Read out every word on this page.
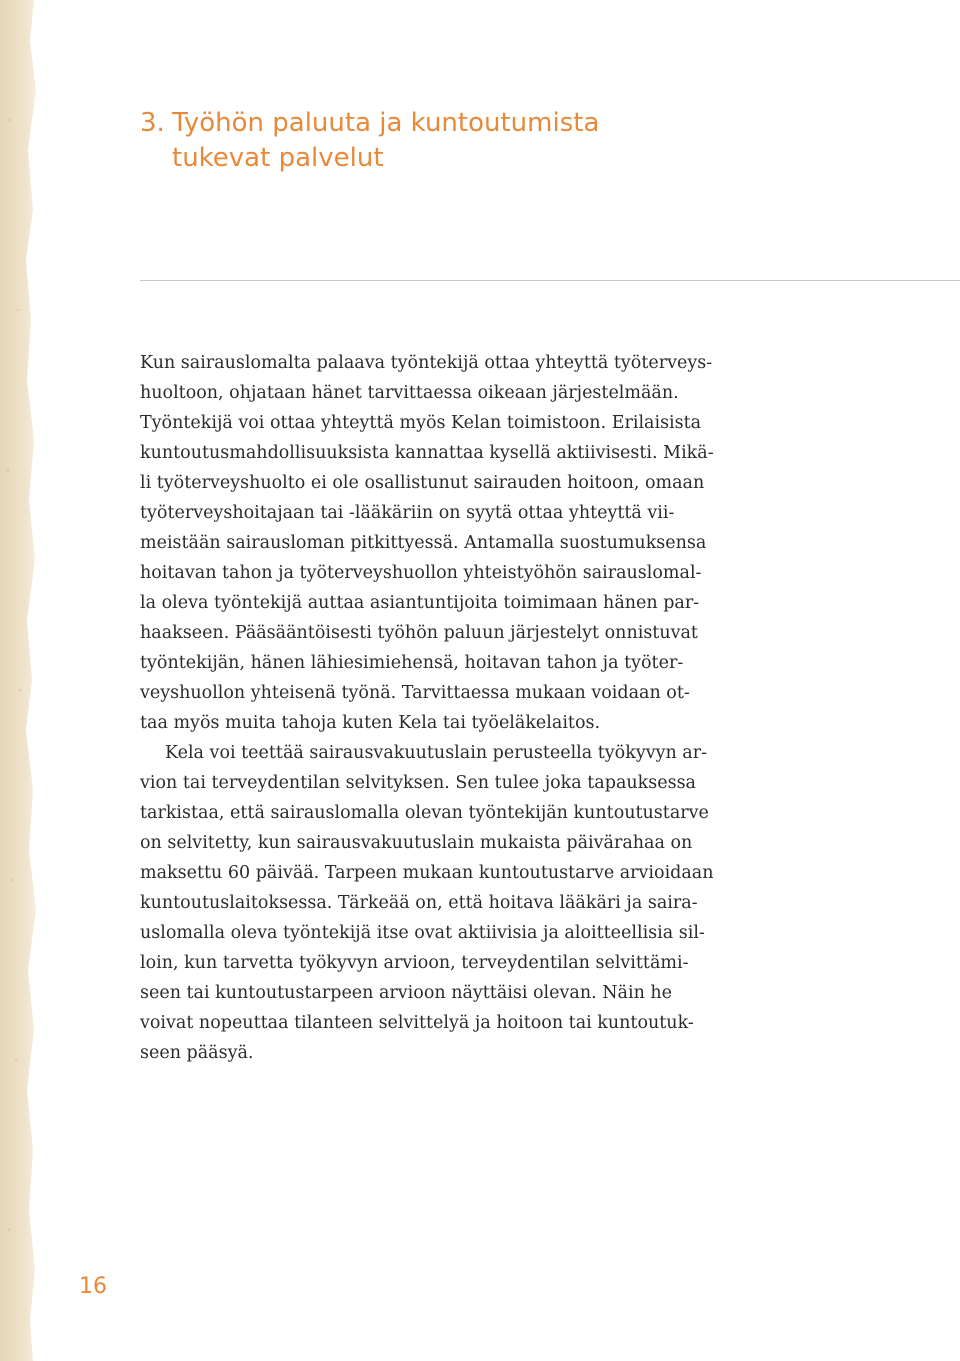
3. Työhön paluuta ja kuntoutumista
tukevat palvelut
Kun sairauslomalta palaava työntekijä ottaa yhteyttä työterveys-
huoltoon, ohjataan hänet tarvittaessa oikeaan järjestelmään.
Työntekijä voi ottaa yhteyttä myös Kelan toimistoon. Erilaisista
kuntoutusmahdollisuuksista kannattaa kysellä aktiivisesti. Mikä-
li työterveyshuolto ei ole osallistunut sairauden hoitoon, omaan
työterveyshoitajaan tai -lääkäriin on syytä ottaa yhteyttä vii-
meistään sairausloman pitkittyessä. Antamalla suostumuksensa
hoitavan tahon ja työterveyshuollon yhteistyöhön sairauslomal-
la oleva työntekijä auttaa asiantuntijoita toimimaan hänen par-
haakseen. Pääsääntöisesti työhön paluun järjestelyt onnistuvat
työntekijän, hänen lähiesimiehensä, hoitavan tahon ja työter-
veyshuollon yhteisenä työnä. Tarvittaessa mukaan voidaan ot-
taa myös muita tahoja kuten Kela tai työeläkelaitos.
Kela voi teettää sairausvakuutuslain perusteella työkyvyn ar-
vion tai terveydentilan selvityksen. Sen tulee joka tapauksessa
tarkistaa, että sairauslomalla olevan työntekijän kuntoutustarve
on selvitetty, kun sairausvakuutuslain mukaista päivärahaa on
maksettu 60 päivää. Tarpeen mukaan kuntoutustarve arvioidaan
kuntoutuslaitoksessa. Tärkeää on, että hoitava lääkäri ja saira-
uslomalla oleva työntekijä itse ovat aktiivisia ja aloitteellisia sil-
loin, kun tarvetta työkyvyn arvioon, terveydentilan selvittämi-
seen tai kuntoutustarpeen arvioon näyttäisi olevan. Näin he
voivat nopeuttaa tilanteen selvittelyä ja hoitoon tai kuntoutuk-
seen pääsyä.
16
